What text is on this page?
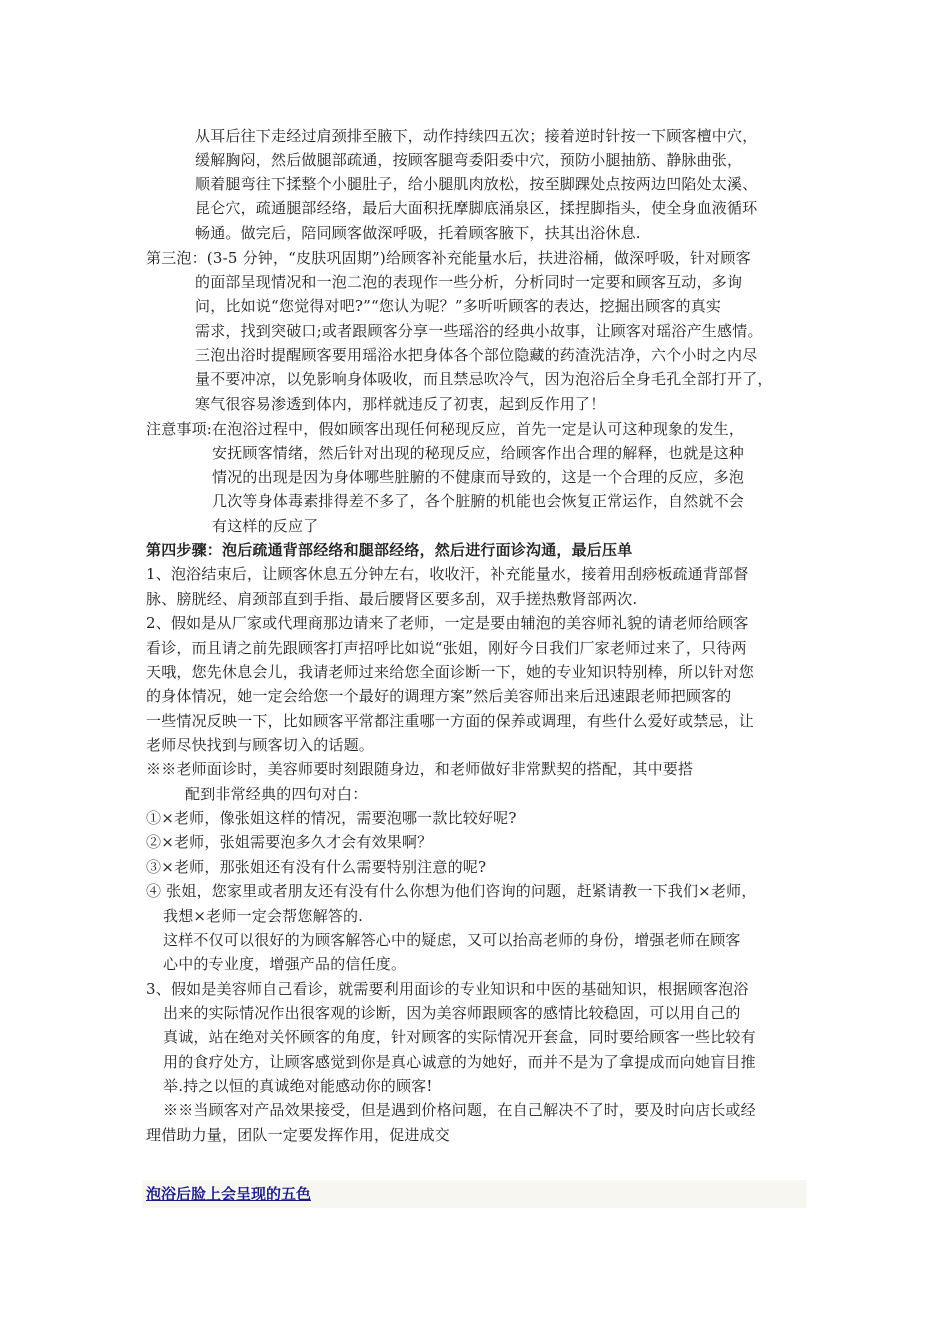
从耳后往下走经过肩颈排至腋下，动作持续四五次；接着逆时针按一下顾客檀中穴，
缓解胸闷，然后做腿部疏通，按顾客腿弯委阳委中穴，预防小腿抽筋、静脉曲张，
顺着腿弯往下揉整个小腿肚子，给小腿肌肉放松，按至脚踝处点按两边凹陷处太溪、
昆仑穴，疏通腿部经络，最后大面积抚摩脚底涌泉区，揉捏脚指头，使全身血液循环
畅通。做完后，陪同顾客做深呼吸，托着顾客腋下，扶其出浴休息.
第三泡：(3-5 分钟，“皮肤巩固期”)给顾客补充能量水后，扶进浴桶，做深呼吸，针对顾客
的面部呈现情况和一泡二泡的表现作一些分析，分析同时一定要和顾客互动，多询
问，比如说“您觉得对吧?”“您认为呢？”多听听顾客的表达，挖掘出顾客的真实
需求，找到突破口;或者跟顾客分享一些瑶浴的经典小故事，让顾客对瑶浴产生感情。
三泡出浴时提醒顾客要用瑶浴水把身体各个部位隐藏的药渣洗洁净，六个小时之内尽
量不要冲凉，以免影响身体吸收，而且禁忌吹冷气，因为泡浴后全身毛孔全部打开了，
寒气很容易渗透到体内，那样就违反了初衷，起到反作用了！
注意事项:在泡浴过程中，假如顾客出现任何秘现反应，首先一定是认可这种现象的发生，
安抚顾客情绪，然后针对出现的秘现反应，给顾客作出合理的解释，也就是这种
情况的出现是因为身体哪些脏腑的不健康而导致的，这是一个合理的反应，多泡
几次等身体毒素排得差不多了，各个脏腑的机能也会恢复正常运作，自然就不会
有这样的反应了
第四步骤：泡后疏通背部经络和腿部经络，然后进行面诊沟通，最后压单
1、泡浴结束后，让顾客休息五分钟左右，收收汗，补充能量水，接着用刮痧板疏通背部督
脉、膀胱经、肩颈部直到手指、最后腰肾区要多刮，双手搓热敷肾部两次.
2、假如是从厂家或代理商那边请来了老师，一定是要由辅泡的美容师礼貌的请老师给顾客
看诊，而且请之前先跟顾客打声招呼比如说“张姐，刚好今日我们厂家老师过来了，只待两
天哦，您先休息会儿，我请老师过来给您全面诊断一下，她的专业知识特别棒，所以针对您
的身体情况，她一定会给您一个最好的调理方案”然后美容师出来后迅速跟老师把顾客的
一些情况反映一下，比如顾客平常都注重哪一方面的保养或调理，有些什么爱好或禁忌，让
老师尽快找到与顾客切入的话题。
※※老师面诊时，美容师要时刻跟随身边，和老师做好非常默契的搭配，其中要搭
配到非常经典的四句对白：
①×老师，像张姐这样的情况，需要泡哪一款比较好呢?
②×老师，张姐需要泡多久才会有效果啊？
③×老师，那张姐还有没有什么需要特别注意的呢?
④ 张姐，您家里或者朋友还有没有什么你想为他们咨询的问题，赶紧请教一下我们×老师，
我想×老师一定会帮您解答的.
这样不仅可以很好的为顾客解答心中的疑虑，又可以抬高老师的身份，增强老师在顾客
心中的专业度，增强产品的信任度。
3、假如是美容师自己看诊，就需要利用面诊的专业知识和中医的基础知识，根据顾客泡浴
出来的实际情况作出很客观的诊断，因为美容师跟顾客的感情比较稳固，可以用自己的
真诚，站在绝对关怀顾客的角度，针对顾客的实际情况开套盒，同时要给顾客一些比较有
用的食疗处方，让顾客感觉到你是真心诚意的为她好，而并不是为了拿提成而向她盲目推
举.持之以恒的真诚绝对能感动你的顾客!
※※当顾客对产品效果接受，但是遇到价格问题，在自己解决不了时，要及时向店长或经
理借助力量，团队一定要发挥作用，促进成交
泡浴后脸上会呈现的五色
